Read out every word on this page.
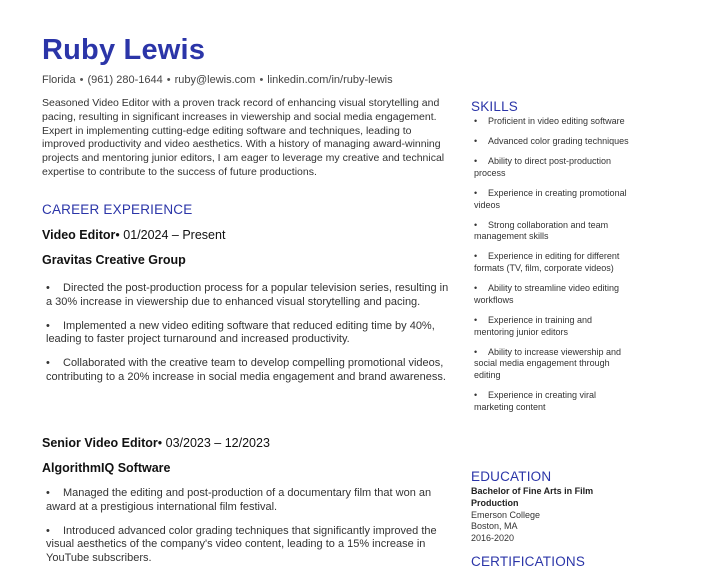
Ruby Lewis
Florida • (961) 280-1644 • ruby@lewis.com • linkedin.com/in/ruby-lewis

Seasoned Video Editor with a proven track record of enhancing visual storytelling and pacing, resulting in significant increases in viewership and social media engagement. Expert in implementing cutting-edge editing software and techniques, leading to improved productivity and video aesthetics. With a history of managing award-winning projects and mentoring junior editors, I am eager to leverage my creative and technical expertise to contribute to the success of future productions.

CAREER EXPERIENCE
Video Editor• 01/2024 – Present
Gravitas Creative Group
• Directed the post-production process for a popular television series, resulting in a 30% increase in viewership due to enhanced visual storytelling and pacing.
• Implemented a new video editing software that reduced editing time by 40%, leading to faster project turnaround and increased productivity.
• Collaborated with the creative team to develop compelling promotional videos, contributing to a 20% increase in social media engagement and brand awareness.
Senior Video Editor• 03/2023 – 12/2023
AlgorithmIQ Software
• Managed the editing and post-production of a documentary film that won an award at a prestigious international film festival.
• Introduced advanced color grading techniques that significantly improved the visual aesthetics of the company's video content, leading to a 15% increase in YouTube subscribers.
SKILLS
• Proficient in video editing software
• Advanced color grading techniques
• Ability to direct post-production process
• Experience in creating promotional videos
• Strong collaboration and team management skills
• Experience in editing for different formats (TV, film, corporate videos)
• Ability to streamline video editing workflows
• Experience in training and mentoring junior editors
• Ability to increase viewership and social media engagement through editing
• Experience in creating viral marketing content
EDUCATION
Bachelor of Fine Arts in Film Production
Emerson College
Boston, MA
2016-2020
CERTIFICATIONS
